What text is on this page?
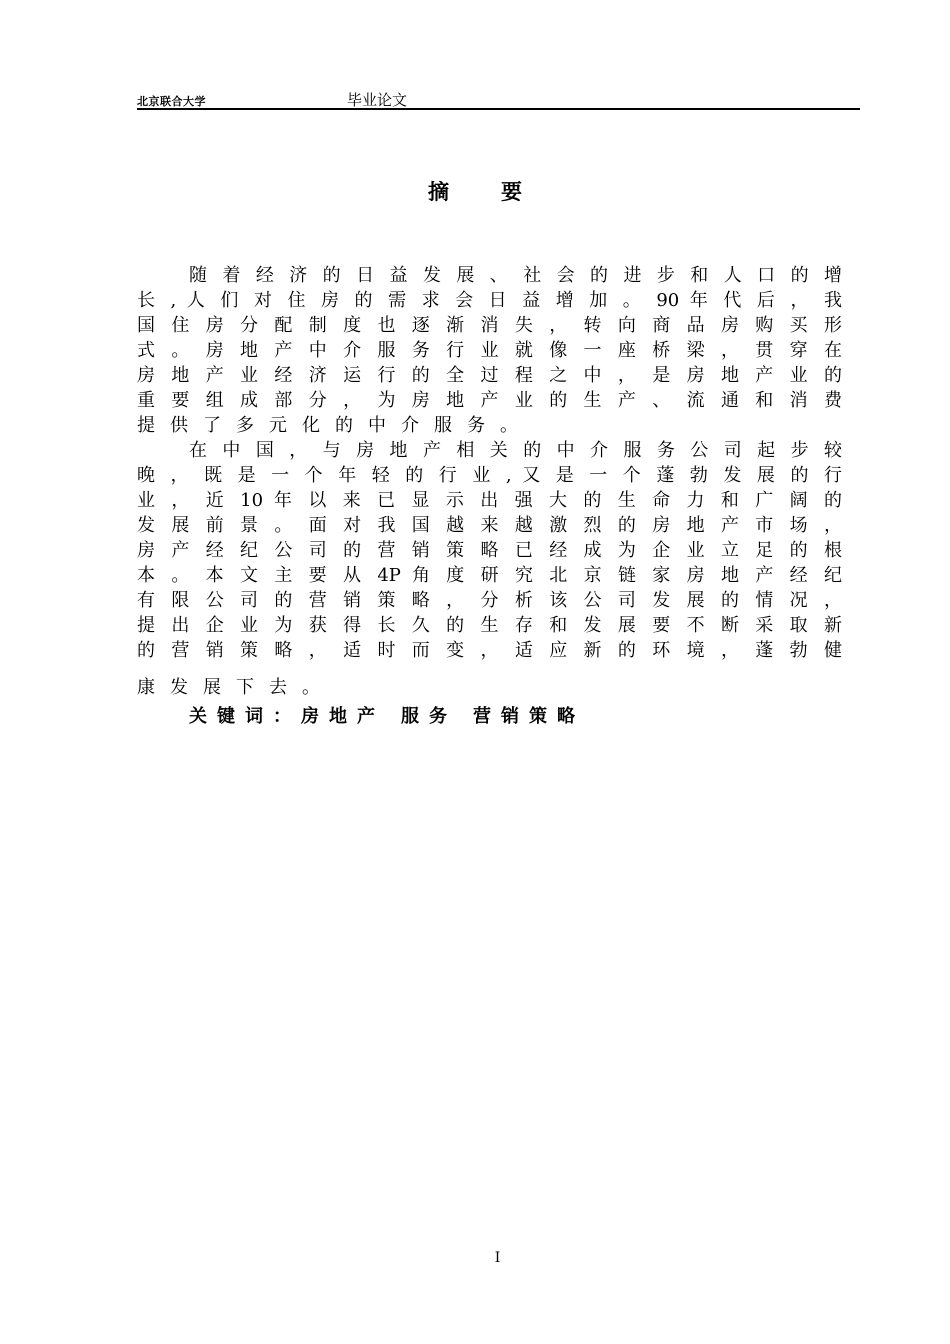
北京联合大学	毕业论文
摘要
随 着 经 济 的 日 益 发 展 、 社 会 的 进 步 和 人 口 的 增
长 , 人 们 对 住 房 的 需 求 会 日 益 增 加 。 90 年 代 后 ， 我
国 住 房 分 配 制 度 也 逐 渐 消 失 ， 转 向 商 品 房 购 买 形
式 。 房 地 产 中 介 服 务 行 业 就 像 一 座 桥 梁 ， 贯 穿 在
房 地 产 业 经 济 运 行 的 全 过 程 之 中 ， 是 房 地 产 业 的
重 要 组 成 部 分 ， 为 房 地 产 业 的 生 产 、 流 通 和 消 费
提供了多元化的中介服务。
在 中 国 ， 与 房 地 产 相 关 的 中 介 服 务 公 司 起 步 较
晚 ， 既 是 一 个 年 轻 的 行 业 , 又 是 一 个 蓬 勃 发 展 的 行
业 ， 近 10 年 以 来 已 显 示 出 强 大 的 生 命 力 和 广 阔 的
发 展 前 景 。 面 对 我 国 越 来 越 激 烈 的 房 地 产 市 场 ，
房 产 经 纪 公 司 的 营 销 策 略 已 经 成 为 企 业 立 足 的 根
本 。 本 文 主 要 从 4P 角 度 研 究 北 京 链 家 房 地 产 经 纪
有 限 公 司 的 营 销 策 略 ， 分 析 该 公 司 发 展 的 情 况 ，
提 出 企 业 为 获 得 长 久 的 生 存 和 发 展 要 不 断 采 取 新
的 营 销 策 略 ， 适 时 而 变 ， 适 应 新 的 环 境 ， 蓬 勃 健
康发展下去。
关键词：房地产 服务 营销策略
I
